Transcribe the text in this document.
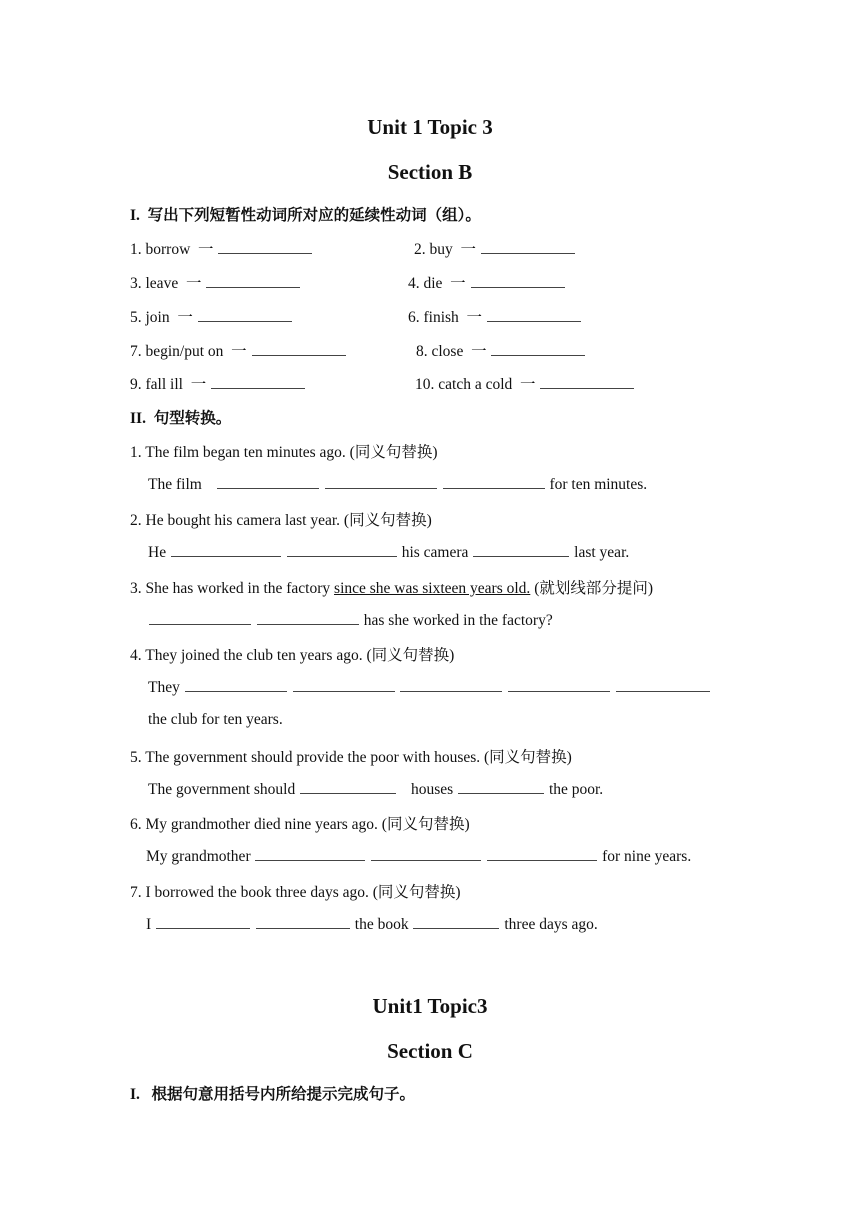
Unit 1 Topic 3
Section B
I.  写出下列短暂性动词所对应的延续性动词（组）。
1. borrow  一	2. buy  一
3. leave  一	4. die  一
5. join  一	6. finish  一
7. begin/put on  一	8. close  一
9. fall ill  一	10. catch a cold  一
II.  句型转换。
1. The film began ten minutes ago. (同义句替换)
The film	for ten minutes.
2. He bought his camera last year. (同义句替换)
He	his camera	last year.
3. She has worked in the factory since she was sixteen years old. (就划线部分提问)
has she worked in the factory?
4. They joined the club ten years ago. (同义句替换)
They
the club for ten years.
5. The government should provide the poor with houses. (同义句替换)
The government should	houses	the poor.
6. My grandmother died nine years ago. (同义句替换)
My grandmother	for nine years.
7. I borrowed the book three days ago. (同义句替换)
I	the book	three days ago.
Unit1 Topic3
Section C
I.   根据句意用括号内所给提示完成句子。
